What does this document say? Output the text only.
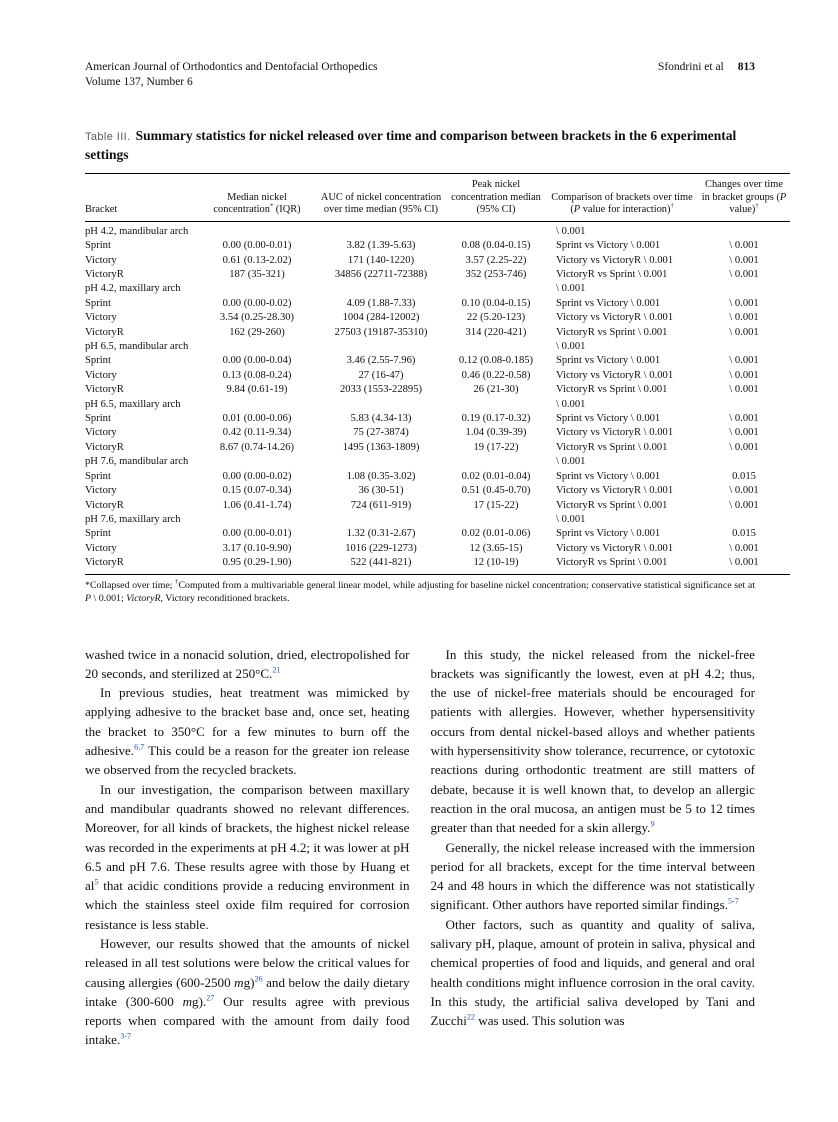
American Journal of Orthodontics and Dentofacial Orthopedics
Volume 137, Number 6
Sfondrini et al 813
Table III. Summary statistics for nickel released over time and comparison between brackets in the 6 experimental settings
Bracket	Median nickel concentration* (IQR)	AUC of nickel concentration over time median (95% CI)	Peak nickel concentration median (95% CI)	Comparison of brackets over time (P value for interaction)†	Changes over time in bracket groups (P value)†
pH 4.2, mandibular arch				\ 0.001	
Sprint	0.00 (0.00-0.01)	3.82 (1.39-5.63)	0.08 (0.04-0.15)	Sprint vs Victory \ 0.001	\ 0.001
Victory	0.61 (0.13-2.02)	171 (140-1220)	3.57 (2.25-22)	Victory vs VictoryR \ 0.001	\ 0.001
VictoryR	187 (35-321)	34856 (22711-72388)	352 (253-746)	VictoryR vs Sprint \ 0.001	\ 0.001
pH 4.2, maxillary arch				\ 0.001	
Sprint	0.00 (0.00-0.02)	4.09 (1.88-7.33)	0.10 (0.04-0.15)	Sprint vs Victory \ 0.001	\ 0.001
Victory	3.54 (0.25-28.30)	1004 (284-12002)	22 (5.20-123)	Victory vs VictoryR \ 0.001	\ 0.001
VictoryR	162 (29-260)	27503 (19187-35310)	314 (220-421)	VictoryR vs Sprint \ 0.001	\ 0.001
pH 6.5, mandibular arch				\ 0.001	
Sprint	0.00 (0.00-0.04)	3.46 (2.55-7.96)	0.12 (0.08-0.185)	Sprint vs Victory \ 0.001	\ 0.001
Victory	0.13 (0.08-0.24)	27 (16-47)	0.46 (0.22-0.58)	Victory vs VictoryR \ 0.001	\ 0.001
VictoryR	9.84 (0.61-19)	2033 (1553-22895)	26 (21-30)	VictoryR vs Sprint \ 0.001	\ 0.001
pH 6.5, maxillary arch				\ 0.001	
Sprint	0.01 (0.00-0.06)	5.83 (4.34-13)	0.19 (0.17-0.32)	Sprint vs Victory \ 0.001	\ 0.001
Victory	0.42 (0.11-9.34)	75 (27-3874)	1.04 (0.39-39)	Victory vs VictoryR \ 0.001	\ 0.001
VictoryR	8.67 (0.74-14.26)	1495 (1363-1809)	19 (17-22)	VictoryR vs Sprint \ 0.001	\ 0.001
pH 7.6, mandibular arch				\ 0.001	
Sprint	0.00 (0.00-0.02)	1.08 (0.35-3.02)	0.02 (0.01-0.04)	Sprint vs Victory \ 0.001	0.015
Victory	0.15 (0.07-0.34)	36 (30-51)	0.51 (0.45-0.70)	Victory vs VictoryR \ 0.001	\ 0.001
VictoryR	1.06 (0.41-1.74)	724 (611-919)	17 (15-22)	VictoryR vs Sprint \ 0.001	\ 0.001
pH 7.6, maxillary arch				\ 0.001	
Sprint	0.00 (0.00-0.01)	1.32 (0.31-2.67)	0.02 (0.01-0.06)	Sprint vs Victory \ 0.001	0.015
Victory	3.17 (0.10-9.90)	1016 (229-1273)	12 (3.65-15)	Victory vs VictoryR \ 0.001	\ 0.001
VictoryR	0.95 (0.29-1.90)	522 (441-821)	12 (10-19)	VictoryR vs Sprint \ 0.001	\ 0.001
*Collapsed over time; †Computed from a multivariable general linear model, while adjusting for baseline nickel concentration; conservative statistical significance set at P \ 0.001; VictoryR, Victory reconditioned brackets.

washed twice in a nonacid solution, dried, electropolished for 20 seconds, and sterilized at 250°C.$^{21}$

In previous studies, heat treatment was mimicked by applying adhesive to the bracket base and, once set, heating the bracket to 350°C for a few minutes to burn off the adhesive.$^{6,7}$ This could be a reason for the greater ion release we observed from the recycled brackets.

In our investigation, the comparison between maxillary and mandibular quadrants showed no relevant differences. Moreover, for all kinds of brackets, the highest nickel release was recorded in the experiments at pH 4.2; it was lower at pH 6.5 and pH 7.6. These results agree with those by Huang et al$^5$ that acidic conditions provide a reducing environment in which the stainless steel oxide film required for corrosion resistance is less stable.

However, our results showed that the amounts of nickel released in all test solutions were below the critical values for causing allergies (600-2500 mg)$^{26}$ and below the daily dietary intake (300-600 mg).$^{27}$ Our results agree with previous reports when compared with the amount from daily food intake.$^{3-7}$

In this study, the nickel released from the nickel-free brackets was significantly the lowest, even at pH 4.2; thus, the use of nickel-free materials should be encouraged for patients with allergies. However, whether hypersensitivity occurs from dental nickel-based alloys and whether patients with hypersensitivity show tolerance, recurrence, or cytotoxic reactions during orthodontic treatment are still matters of debate, because it is well known that, to develop an allergic reaction in the oral mucosa, an antigen must be 5 to 12 times greater than that needed for a skin allergy.$^9$

Generally, the nickel release increased with the immersion period for all brackets, except for the time interval between 24 and 48 hours in which the difference was not statistically significant. Other authors have reported similar findings.$^{5-7}$

Other factors, such as quantity and quality of saliva, salivary pH, plaque, amount of protein in saliva, physical and chemical properties of food and liquids, and general and oral health conditions might influence corrosion in the oral cavity. In this study, the artificial saliva developed by Tani and Zucchi$^{22}$ was used. This solution was
